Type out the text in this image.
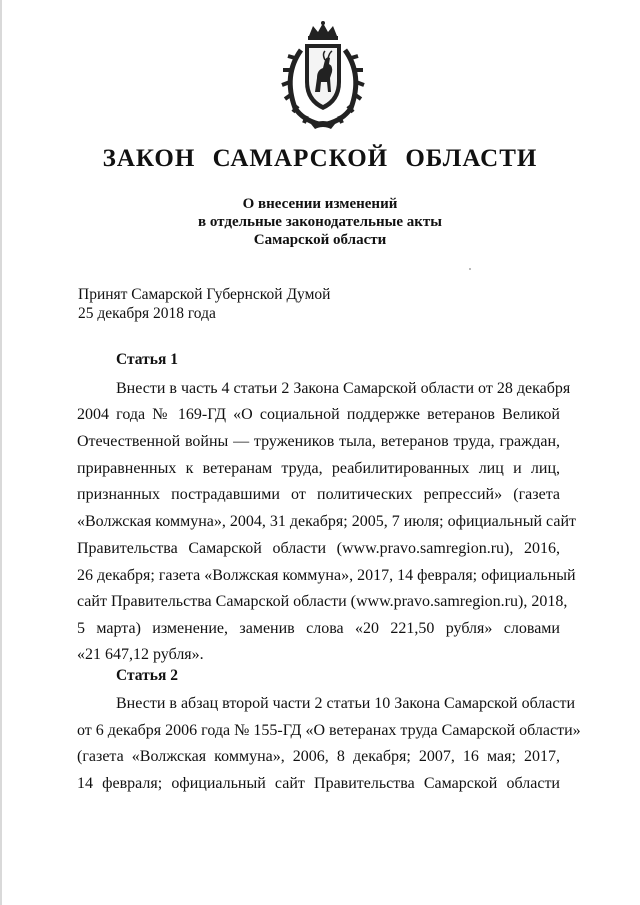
ЗАКОН САМАРСКОЙ ОБЛАСТИ
О внесении изменений
в отдельные законодательные акты
Самарской области
Принят Самарской Губернской Думой
25 декабря 2018 года
Статья 1
Внести в часть 4 статьи 2 Закона Самарской области от 28 декабря
2004 года № 169-ГД «О социальной поддержке ветеранов Великой
Отечественной войны — тружеников тыла, ветеранов труда, граждан,
приравненных к ветеранам труда, реабилитированных лиц и лиц,
признанных пострадавшими от политических репрессий» (газета
«Волжская коммуна», 2004, 31 декабря; 2005, 7 июля; официальный сайт
Правительства Самарской области (www.pravo.samregion.ru), 2016,
26 декабря; газета «Волжская коммуна», 2017, 14 февраля; официальный
сайт Правительства Самарской области (www.pravo.samregion.ru), 2018,
5 марта) изменение, заменив слова «20 221,50 рубля» словами
«21 647,12 рубля».
Статья 2
Внести в абзац второй части 2 статьи 10 Закона Самарской области
от 6 декабря 2006 года № 155-ГД «О ветеранах труда Самарской области»
(газета «Волжская коммуна», 2006, 8 декабря; 2007, 16 мая; 2017,
14 февраля; официальный сайт Правительства Самарской области
